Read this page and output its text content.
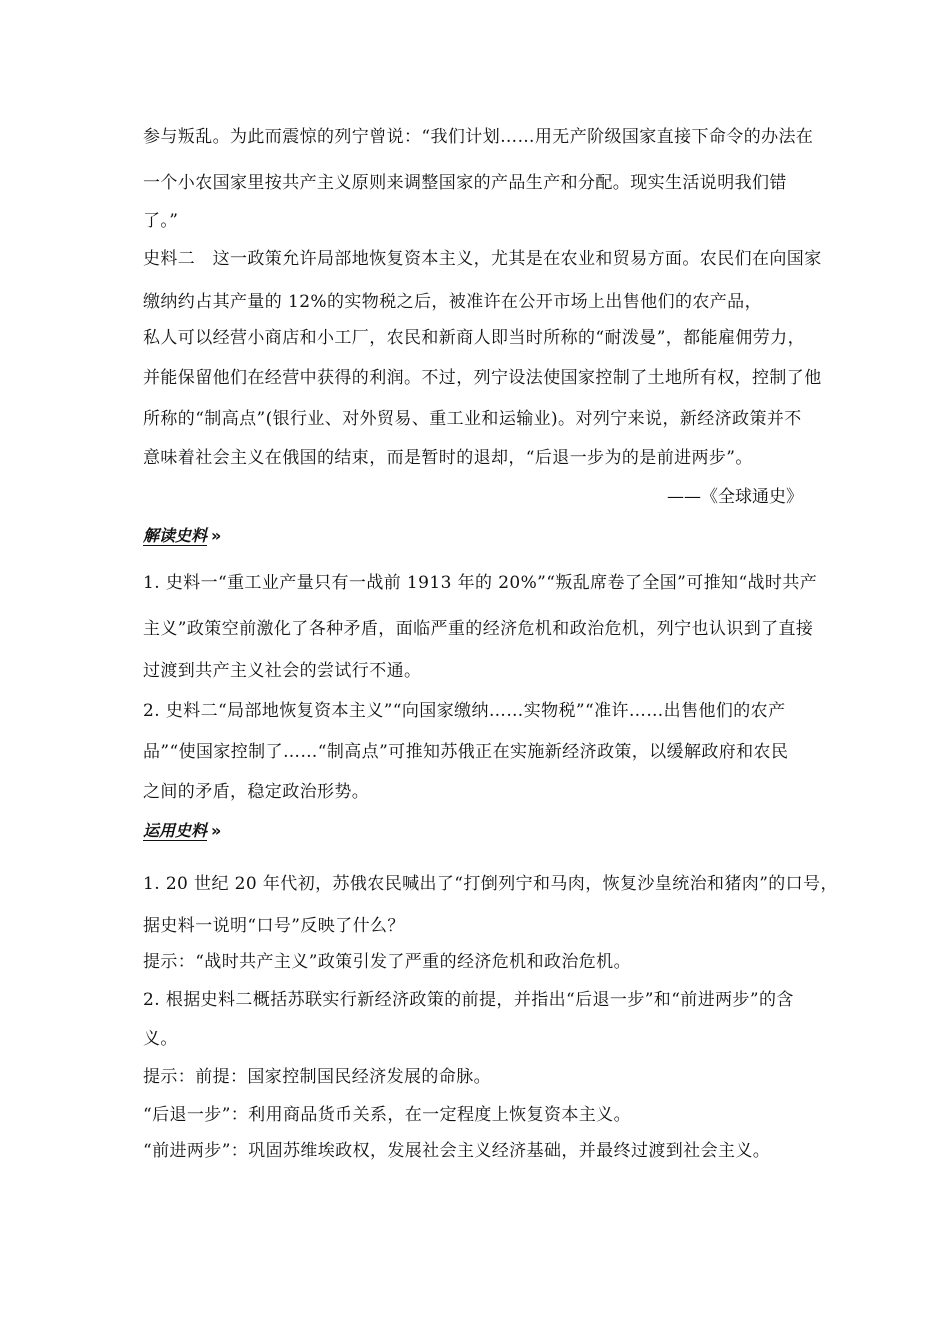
参与叛乱。为此而震惊的列宁曾说：“我们计划……用无产阶级国家直接下命令的办法在
一个小农国家里按共产主义原则来调整国家的产品生产和分配。现实生活说明我们错
了。”
史料二　这一政策允许局部地恢复资本主义，尤其是在农业和贸易方面。农民们在向国家
缴纳约占其产量的 12%的实物税之后，被准许在公开市场上出售他们的农产品，
私人可以经营小商店和小工厂，农民和新商人即当时所称的“耐泼曼”，都能雇佣劳力，
并能保留他们在经营中获得的利润。不过，列宁设法使国家控制了土地所有权，控制了他
所称的“制高点”(银行业、对外贸易、重工业和运输业)。对列宁来说，新经济政策并不
意味着社会主义在俄国的结束，而是暂时的退却，“后退一步为的是前进两步”。
——《全球通史》
解读史料 »
1. 史料一“重工业产量只有一战前 1913 年的 20%”“叛乱席卷了全国”可推知“战时共产
主义”政策空前激化了各种矛盾，面临严重的经济危机和政治危机，列宁也认识到了直接
过渡到共产主义社会的尝试行不通。
2. 史料二“局部地恢复资本主义”“向国家缴纳……实物税”“准许……出售他们的农产
品”“使国家控制了……“制高点”可推知苏俄正在实施新经济政策，以缓解政府和农民
之间的矛盾，稳定政治形势。
运用史料 »
1. 20 世纪 20 年代初，苏俄农民喊出了“打倒列宁和马肉，恢复沙皇统治和猪肉”的口号，
据史料一说明“口号”反映了什么？
提示：“战时共产主义”政策引发了严重的经济危机和政治危机。
2. 根据史料二概括苏联实行新经济政策的前提，并指出“后退一步”和“前进两步”的含
义。
提示：前提：国家控制国民经济发展的命脉。
“后退一步”：利用商品货币关系，在一定程度上恢复资本主义。
“前进两步”：巩固苏维埃政权，发展社会主义经济基础，并最终过渡到社会主义。
